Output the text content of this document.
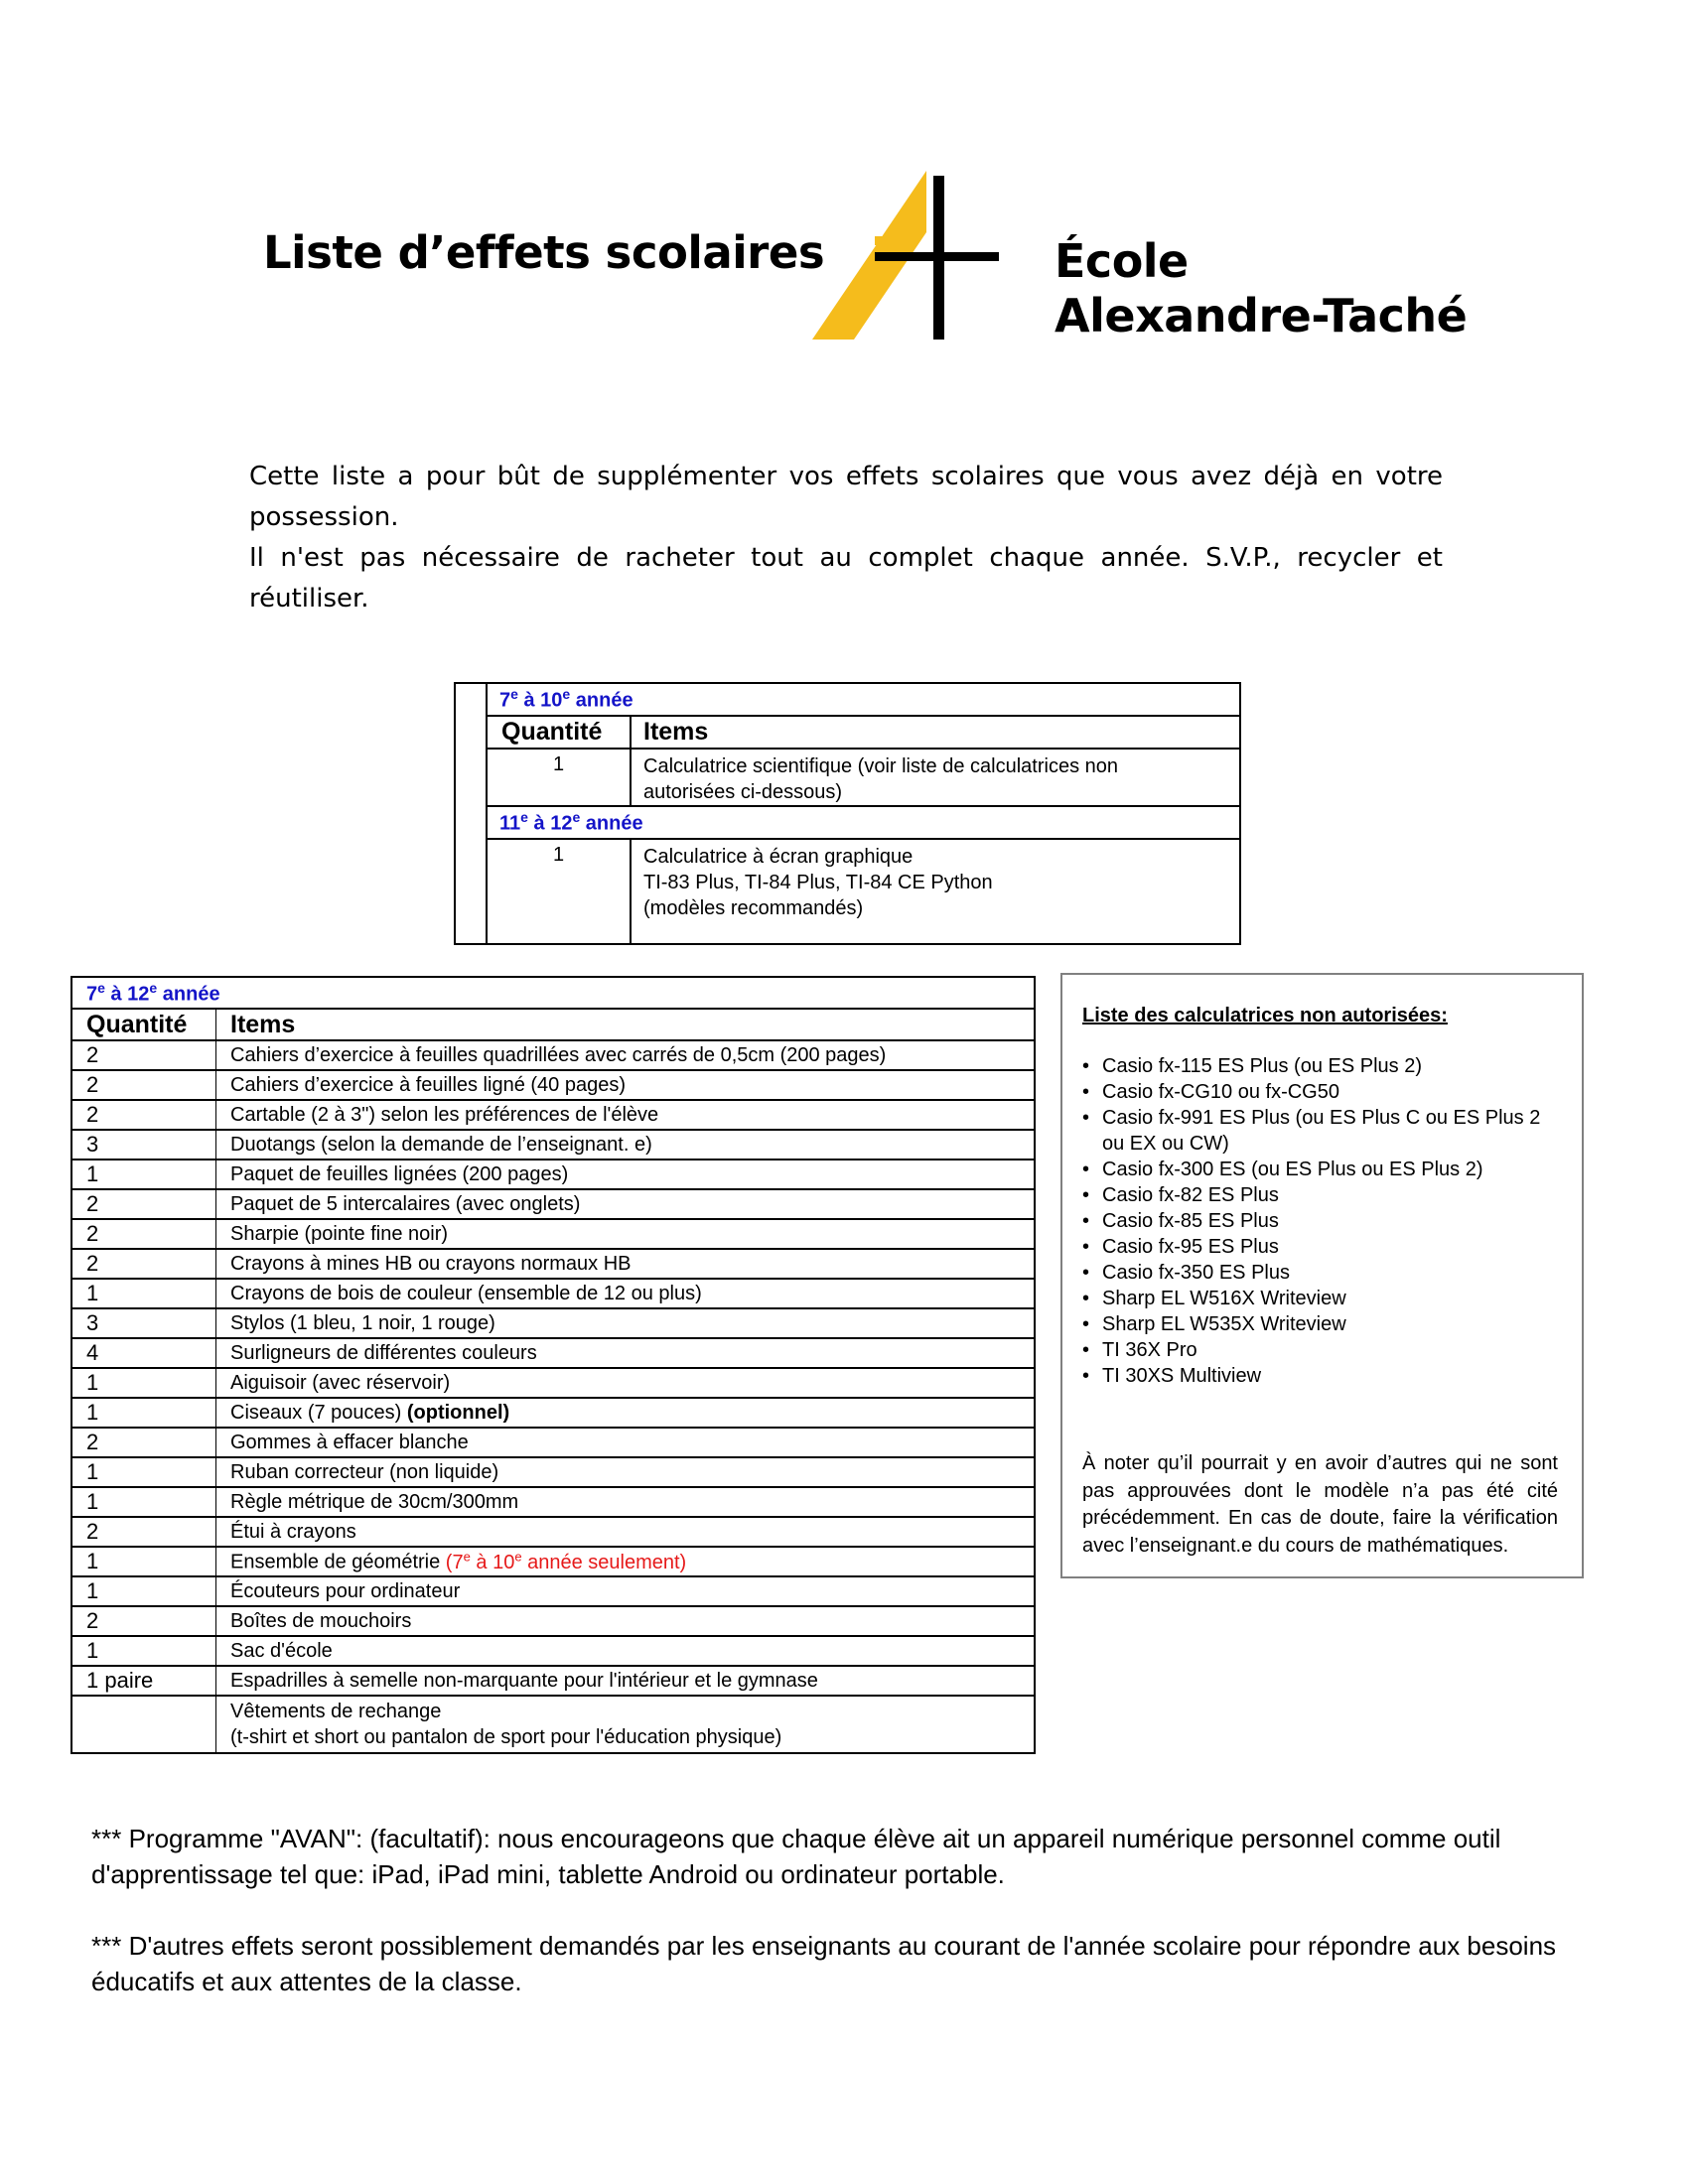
Liste d’effets scolaires	École
Alexandre-Taché

Cette liste a pour bût de supplémenter vos effets scolaires que vous avez déjà en votre possession.

Il n'est pas nécessaire de racheter tout au complet chaque année. S.V.P., recycler et réutiliser.

	7e à 10e année	
	Quantité	Items
	1	Calculatrice scientifique (voir liste de calculatrices non
autorisées ci-dessous)
	11e à 12e année	
	1	Calculatrice à écran graphique
TI-83 Plus, TI-84 Plus, TI-84 CE Python
(modèles recommandés)
7e à 12e année	
Quantité	Items
2	Cahiers d’exercice à feuilles quadrillées avec carrés de 0,5cm (200 pages)
2	Cahiers d’exercice à feuilles ligné (40 pages)
2	Cartable (2 à 3") selon les préférences de l'élève
3	Duotangs (selon la demande de l’enseignant. e)
1	Paquet de feuilles lignées (200 pages)
2	Paquet de 5 intercalaires (avec onglets)
2	Sharpie (pointe fine noir)
2	Crayons à mines HB ou crayons normaux HB
1	Crayons de bois de couleur (ensemble de 12 ou plus)
3	Stylos (1 bleu, 1 noir, 1 rouge)
4	Surligneurs de différentes couleurs
1	Aiguisoir (avec réservoir)
1	Ciseaux (7 pouces) (optionnel)
2	Gommes à effacer blanche
1	Ruban correcteur (non liquide)
1	Règle métrique de 30cm/300mm
2	Étui à crayons
1	Ensemble de géométrie (7e à 10e année seulement)
1	Écouteurs pour ordinateur
2	Boîtes de mouchoirs
1	Sac d'école
1 paire	Espadrilles à semelle non-marquante pour l'intérieur et le gymnase
	Vêtements de rechange
(t-shirt et short ou pantalon de sport pour l'éducation physique)
Liste des calculatrices non autorisées:
• Casio fx-115 ES Plus (ou ES Plus 2)
• Casio fx-CG10 ou fx-CG50
• Casio fx-991 ES Plus (ou ES Plus C ou ES Plus 2 ou EX ou CW)
• Casio fx-300 ES (ou ES Plus ou ES Plus 2)
• Casio fx-82 ES Plus
• Casio fx-85 ES Plus
• Casio fx-95 ES Plus
• Casio fx-350 ES Plus
• Sharp EL W516X Writeview
• Sharp EL W535X Writeview
• TI 36X Pro
• TI 30XS Multiview
À noter qu’il pourrait y en avoir d’autres qui ne sont pas approuvées dont le modèle n’a pas été cité précédemment. En cas de doute, faire la vérification avec l’enseignant.e du cours de mathématiques.
*** Programme "AVAN": (facultatif): nous encourageons que chaque élève ait un appareil numérique personnel comme outil d'apprentissage tel que: iPad, iPad mini, tablette Android ou ordinateur portable.
*** D'autres effets seront possiblement demandés par les enseignants au courant de l'année scolaire pour répondre aux besoins éducatifs et aux attentes de la classe.
